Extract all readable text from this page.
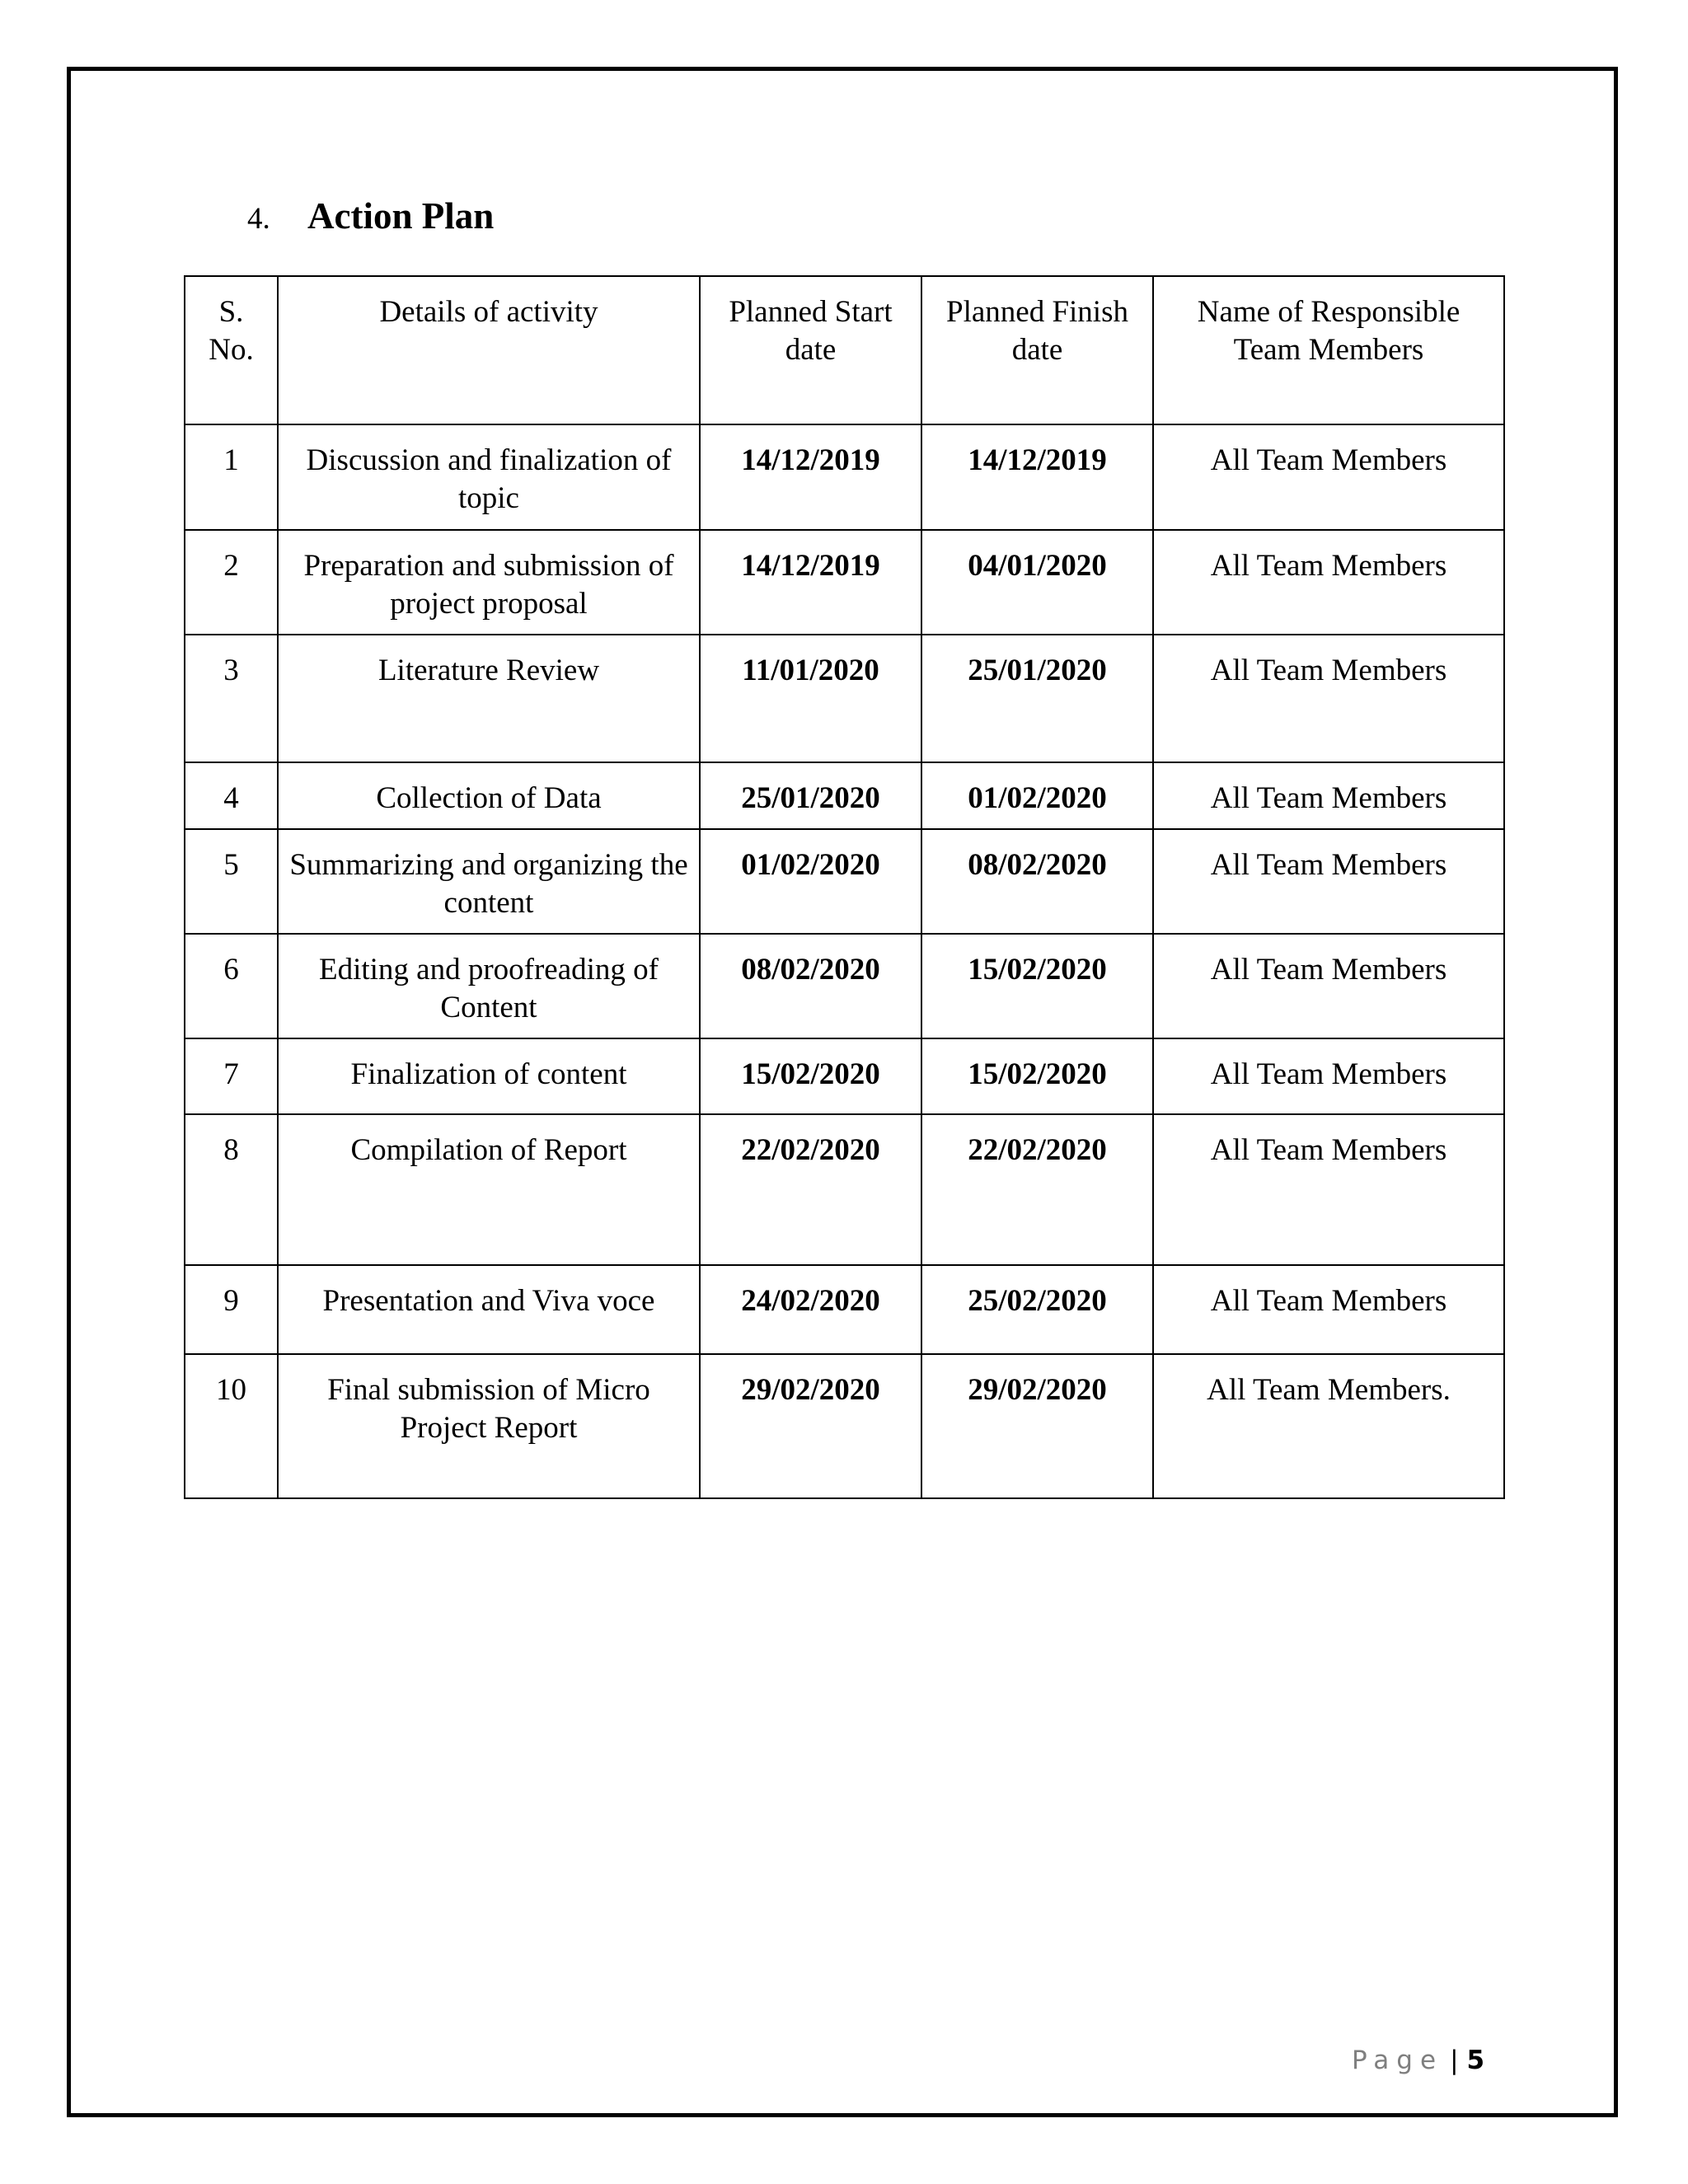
4.	Action Plan
S. No.	Details of activity	Planned Start date	Planned Finish date	Name of Responsible Team Members
1	Discussion and finalization of topic	14/12/2019	14/12/2019	All Team Members
2	Preparation and submission of project proposal	14/12/2019	04/01/2020	All Team Members
3	Literature Review	11/01/2020	25/01/2020	All Team Members
4	Collection of Data	25/01/2020	01/02/2020	All Team Members
5	Summarizing and organizing the content	01/02/2020	08/02/2020	All Team Members
6	Editing and proofreading of Content	08/02/2020	15/02/2020	All Team Members
7	Finalization of content	15/02/2020	15/02/2020	All Team Members
8	Compilation of Report	22/02/2020	22/02/2020	All Team Members
9	Presentation and Viva voce	24/02/2020	25/02/2020	All Team Members
10	Final submission of Micro Project Report	29/02/2020	29/02/2020	All Team Members.
Page | 5
